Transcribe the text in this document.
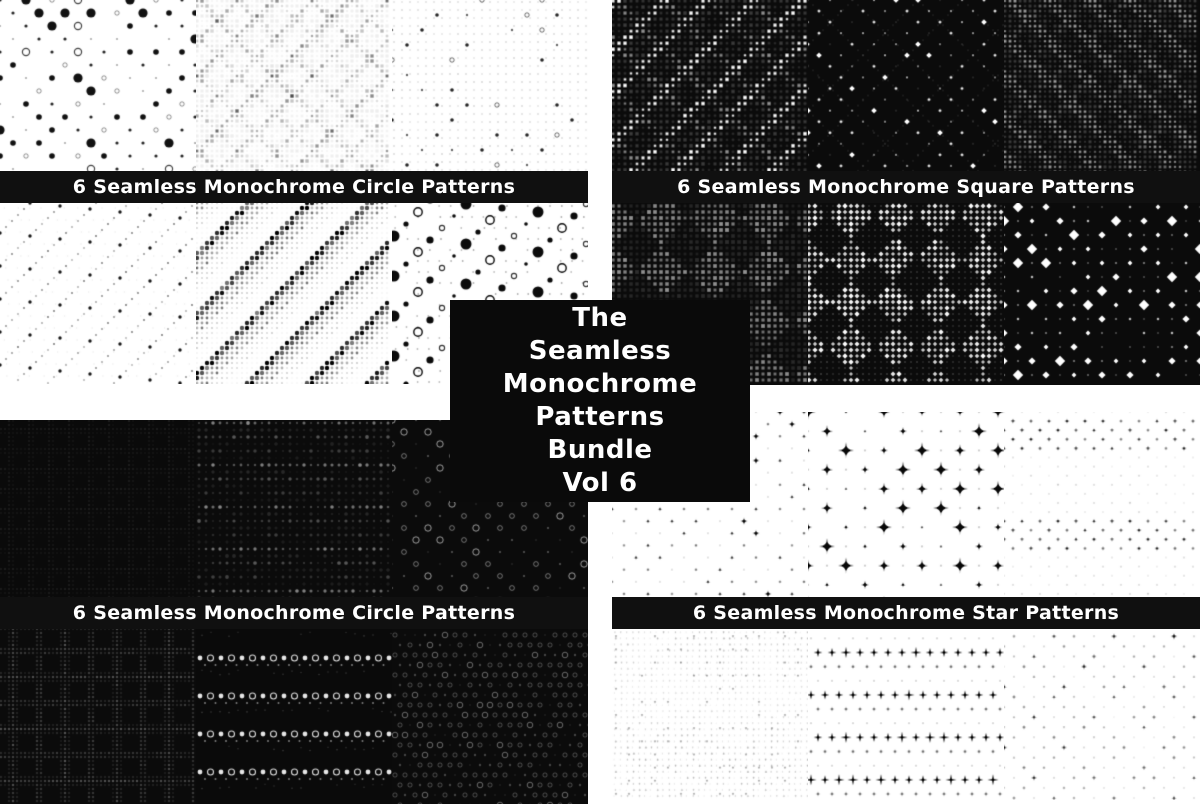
6 Seamless Monochrome Circle Patterns	6 Seamless Monochrome Square Patterns
6 Seamless Monochrome Circle Patterns	6 Seamless Monochrome Star Patterns
The
Seamless
Monochrome
Patterns
Bundle
Vol 6
